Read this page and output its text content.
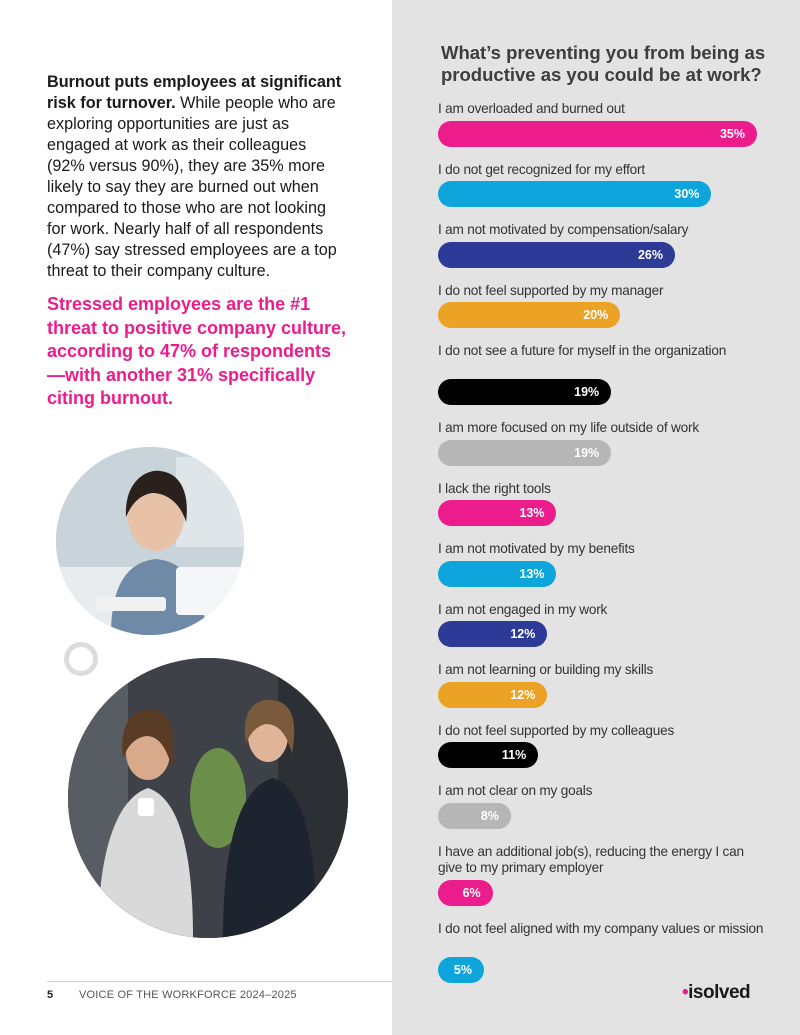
Burnout puts employees at significant risk for turnover. While people who are exploring opportunities are just as engaged at work as their colleagues (92% versus 90%), they are 35% more likely to say they are burned out when compared to those who are not looking for work. Nearly half of all respondents (47%) say stressed employees are a top threat to their company culture.

Stressed employees are the #1 threat to positive company culture, according to 47% of respondents—with another 31% specifically citing burnout.

What’s preventing you from being as productive as you could be at work?
I am overloaded and burned out
35%
I do not get recognized for my effort
30%
I am not motivated by compensation/salary
26%
I do not feel supported by my manager
20%
I do not see a future for myself in the organization
19%
I am more focused on my life outside of work
19%
I lack the right tools
13%
I am not motivated by my benefits
13%
I am not engaged in my work
12%
I am not learning or building my skills
12%
I do not feel supported by my colleagues
11%
I am not clear on my goals
8%
I have an additional job(s), reducing the energy I can give to my primary employer
6%
I do not feel aligned with my company values or mission
5%
5 VOICE OF THE WORKFORCE 2024–2025	•isolved
